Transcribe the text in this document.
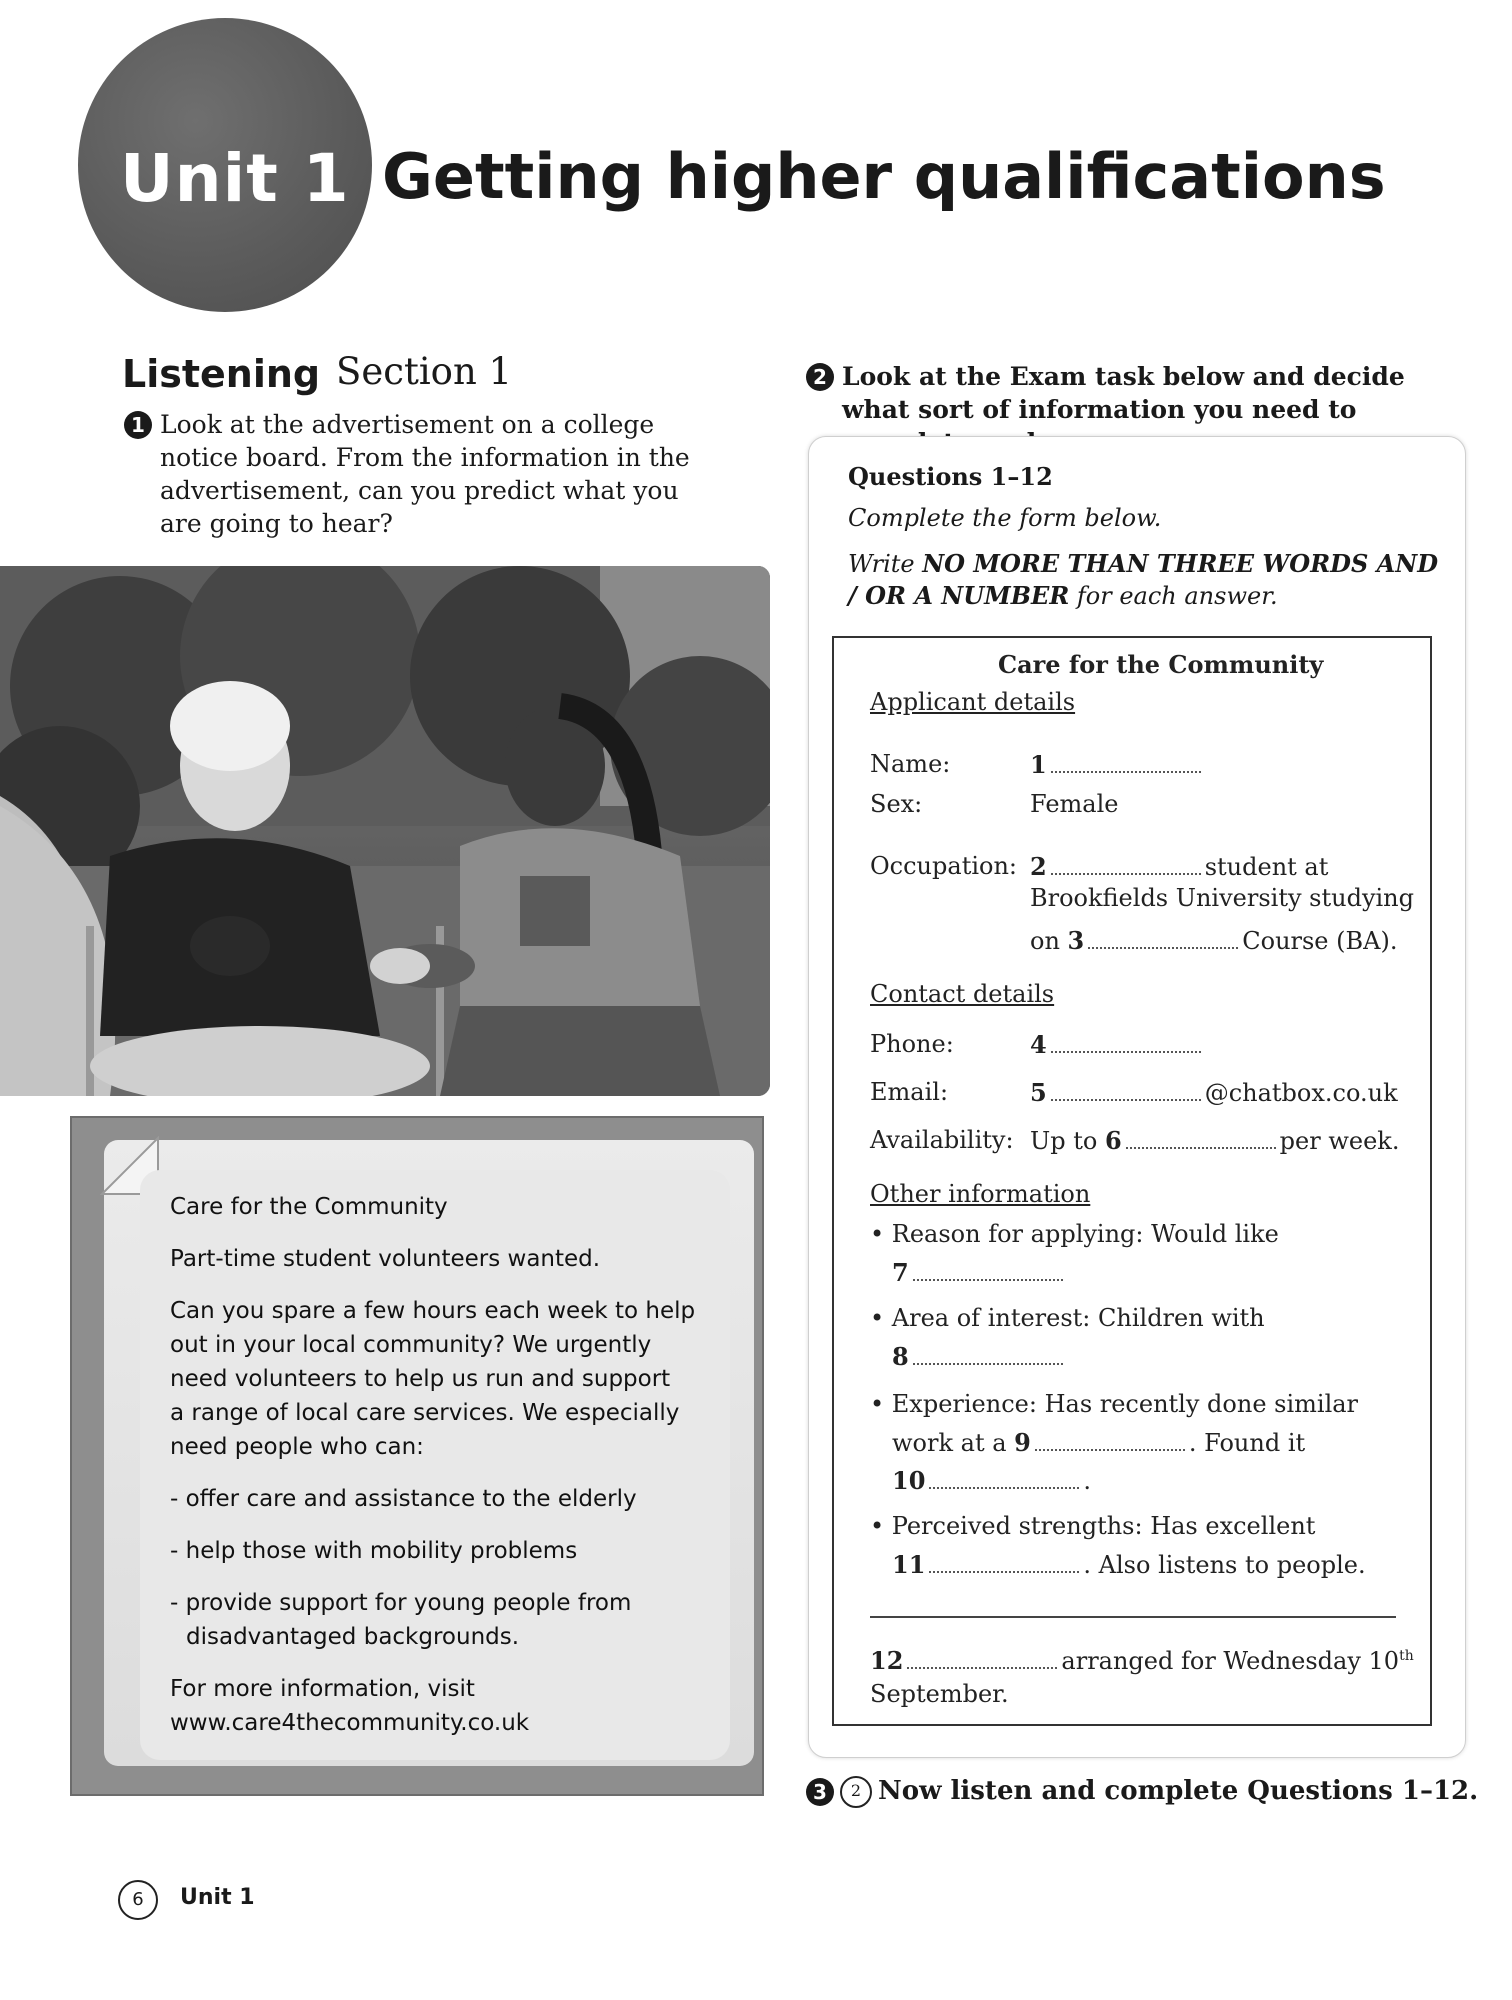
Unit 1 Getting higher qualifications
Listening Section 1
1 Look at the advertisement on a college notice board. From the information in the advertisement, can you predict what you are going to hear?
2 Look at the Exam task below and decide what sort of information you need to
Care for the Community
Part-time student volunteers wanted.
Can you spare a few hours each week to help
out in your local community? We urgently
need volunteers to help us run and support
a range of local care services. We especially
need people who can:
- offer care and assistance to the elderly
- help those with mobility problems
- provide support for young people from
disadvantaged backgrounds.
For more information, visit
www.care4thecommunity.co.uk
Questions 1–12
Complete the form below.
Write NO MORE THAN THREE WORDS AND / OR A NUMBER for each answer.
Care for the Community
Applicant details
Name:	1
Sex:	Female
Occupation: 2	student at
Brookfields University studying
on 3	Course (BA).
Contact details
Phone:	4
Email:	5	@chatbox.co.uk
Availability: Up to 6	per week.
Other information
• Reason for applying: Would like
7
• Area of interest: Children with
8
• Experience: Has recently done similar
work at a 9	. Found it
10	.
• Perceived strengths: Has excellent
11	. Also listens to people.
12	arranged for Wednesday 10th
September.
3 2 Now listen and complete Questions 1–12.
6	Unit 1
